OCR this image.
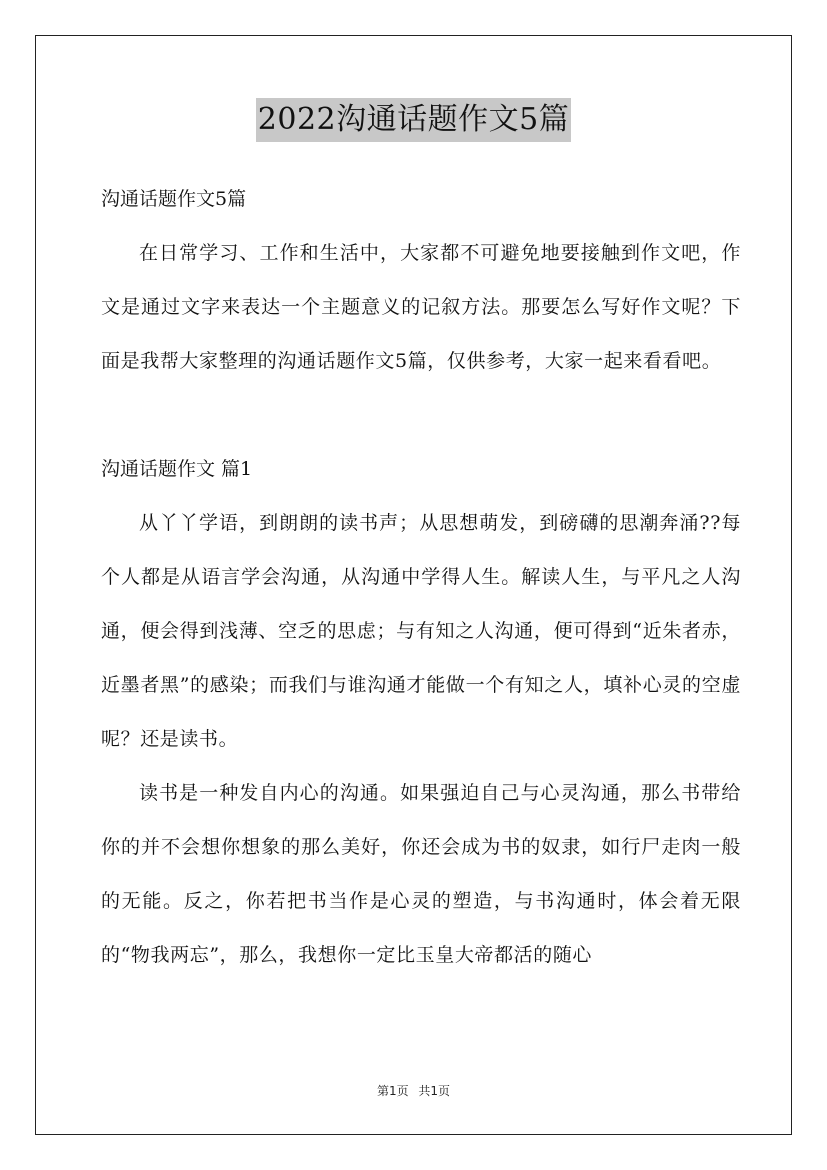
2022沟通话题作文5篇

沟通话题作文5篇

在日常学习、工作和生活中，大家都不可避免地要接触到作文吧，作文是通过文字来表达一个主题意义的记叙方法。那要怎么写好作文呢？下面是我帮大家整理的沟通话题作文5篇，仅供参考，大家一起来看看吧。

沟通话题作文 篇1

从丫丫学语，到朗朗的读书声；从思想萌发，到磅礴的思潮奔涌??每个人都是从语言学会沟通，从沟通中学得人生。解读人生，与平凡之人沟通，便会得到浅薄、空乏的思虑；与有知之人沟通，便可得到“近朱者赤，近墨者黑”的感染；而我们与谁沟通才能做一个有知之人，填补心灵的空虚呢？还是读书。

读书是一种发自内心的沟通。如果强迫自己与心灵沟通，那么书带给你的并不会想你想象的那么美好，你还会成为书的奴隶，如行尸走肉一般的无能。反之，你若把书当作是心灵的塑造，与书沟通时，体会着无限的“物我两忘”，那么，我想你一定比玉皇大帝都活的随心

第1页 共1页
